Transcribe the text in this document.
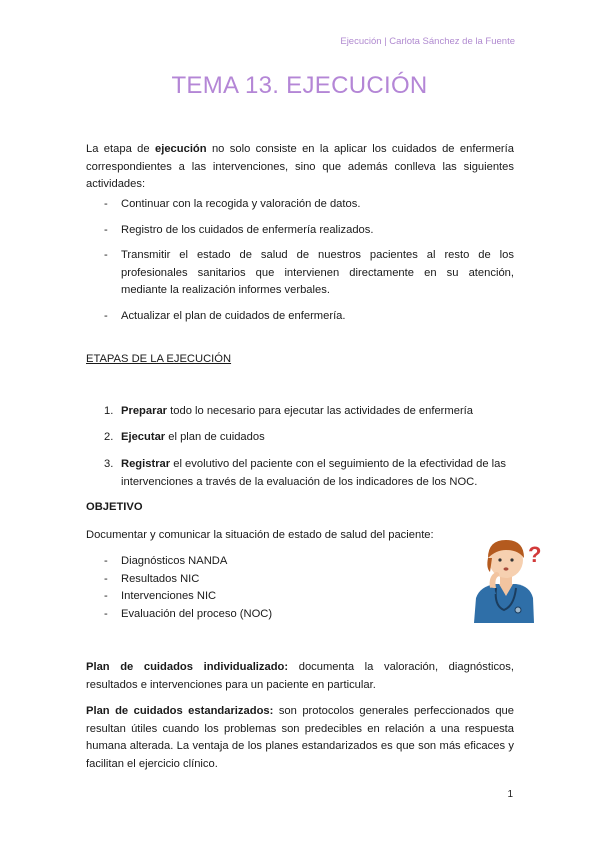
Ejecución | Carlota Sánchez de la Fuente
TEMA 13. EJECUCIÓN
La etapa de ejecución no solo consiste en la aplicar los cuidados de enfermería correspondientes a las intervenciones, sino que además conlleva las siguientes actividades:
- Continuar con la recogida y valoración de datos.
- Registro de los cuidados de enfermería realizados.
- Transmitir el estado de salud de nuestros pacientes al resto de los profesionales sanitarios que intervienen directamente en su atención, mediante la realización informes verbales.
- Actualizar el plan de cuidados de enfermería.
ETAPAS DE LA EJECUCIÓN
1. Preparar todo lo necesario para ejecutar las actividades de enfermería
2. Ejecutar el plan de cuidados
3. Registrar el evolutivo del paciente con el seguimiento de la efectividad de las intervenciones a través de la evaluación de los indicadores de los NOC.
OBJETIVO
Documentar y comunicar la situación de estado de salud del paciente:
- Diagnósticos NANDA
- Resultados NIC
- Intervenciones NIC
- Evaluación del proceso (NOC)
?
Plan de cuidados individualizado: documenta la valoración, diagnósticos, resultados e intervenciones para un paciente en particular.
Plan de cuidados estandarizados: son protocolos generales perfeccionados que resultan útiles cuando los problemas son predecibles en relación a una respuesta humana alterada. La ventaja de los planes estandarizados es que son más eficaces y facilitan el ejercicio clínico.
1
